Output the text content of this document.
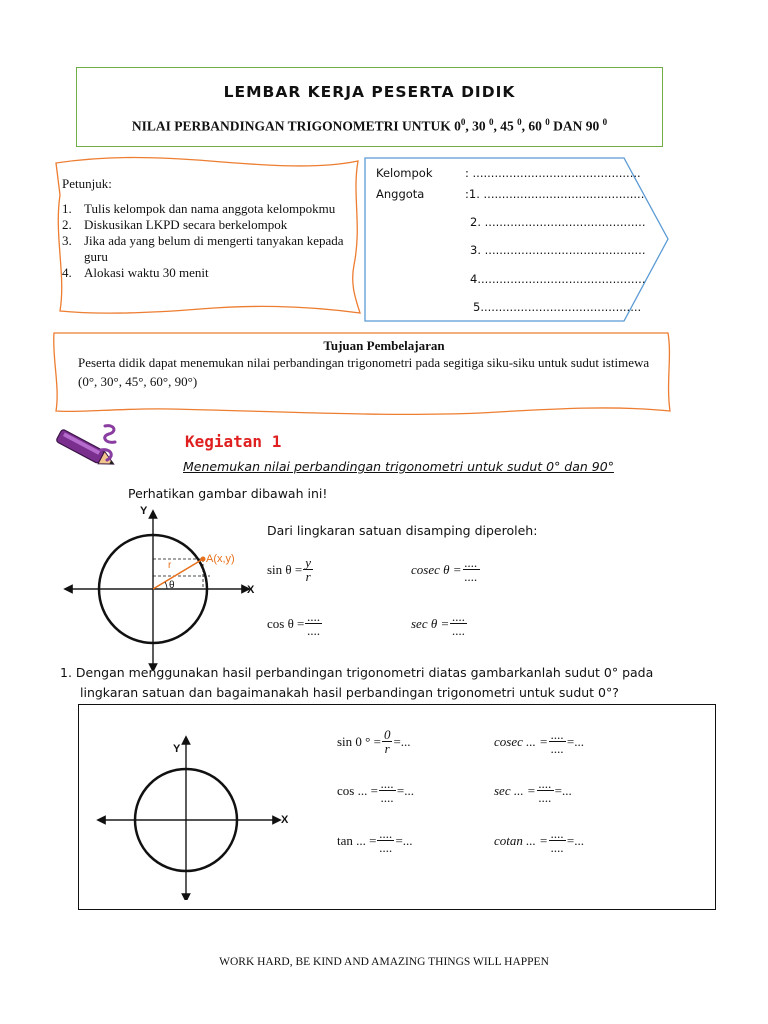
LEMBAR KERJA PESERTA DIDIK
NILAI PERBANDINGAN TRIGONOMETRI UNTUK $0^0$, 30 $^0$, 45 $^0$, 60 $^0$ DAN 90 $^0$
Petunjuk:
1. Tulis kelompok dan nama anggota kelompokmu
2. Diskusikan LKPD secara berkelompok
3. Jika ada yang belum di mengerti tanyakan kepada guru
4. Alokasi waktu 30 menit
Kelompok	: ..............................................
Anggota	:1. ............................................
2. ............................................
3. ............................................
4..............................................
5............................................
Tujuan Pembelajaran
Peserta didik dapat menemukan nilai perbandingan trigonometri pada segitiga siku-siku untuk sudut istimewa (0°, 30°, 45°, 60°, 90°)
Kegiatan 1
Menemukan nilai perbandingan trigonometri untuk sudut 0° dan 90°
Perhatikan gambar dibawah ini!
Dari lingkaran satuan disamping diperoleh:
Y
X
A(x,y)
r
θ
$\sin \theta = \frac{y}{r}$	cosec $\theta = \frac{....}{....}$
$\cos \theta = \frac{....}{....}$	$\sec \theta = \frac{....}{....}$
1. Dengan menggunakan hasil perbandingan trigonometri diatas gambarkanlah sudut 0° pada
lingkaran satuan dan bagaimanakah hasil perbandingan trigonometri untuk sudut 0°?
Y
X
sin 0 ° = $\frac{0}{r}$ =...	cosec ... = $\frac{....}{....}$ =...
cos ... = $\frac{....}{....}$ =...	sec ... = $\frac{....}{....}$ =...
tan ... = $\frac{....}{....}$ =...	cotan ... = $\frac{....}{....}$ =...
WORK HARD, BE KIND AND AMAZING THINGS WILL HAPPEN
